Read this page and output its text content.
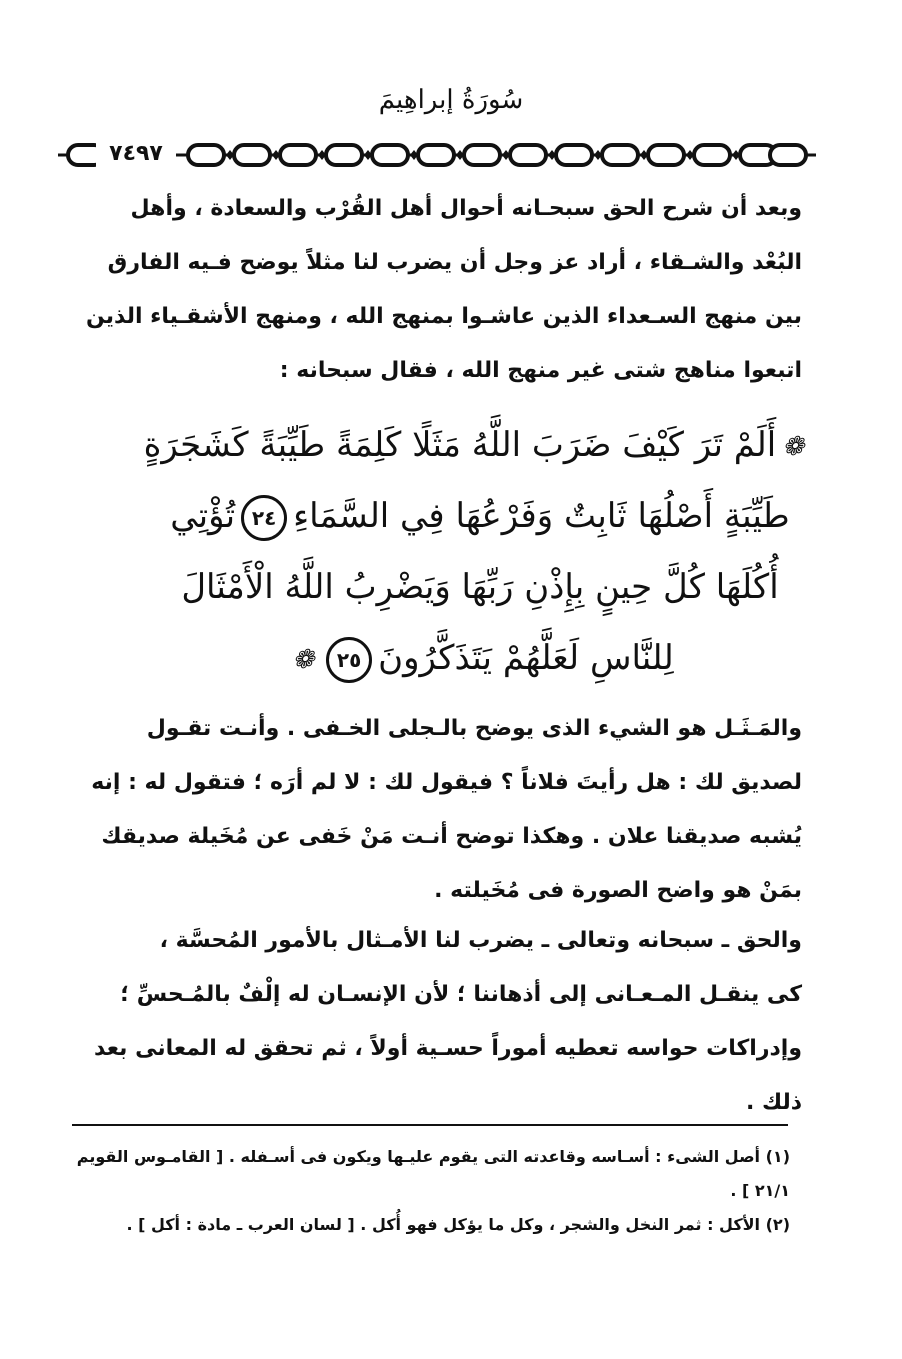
سُورَةُ إبراهِيمَ
٧٤٩٧
وبعد أن شرح الحق سبحـانه أحوال أهل القُرْب والسعادة ، وأهل
البُعْد والشـقاء ، أراد عز وجل أن يضرب لنا مثلاً يوضح فـيه الفارق
بين منهج السـعداء الذين عاشـوا بمنهج الله ، ومنهج الأشقـياء الذين
اتبعوا مناهج شتى غير منهج الله ، فقال سبحانه :
❁أَلَمْ تَرَ كَيْفَ ضَرَبَ اللَّهُ مَثَلًا كَلِمَةً طَيِّبَةً كَشَجَرَةٍ
طَيِّبَةٍ أَصْلُهَا ثَابِتٌ وَفَرْعُهَا فِي السَّمَاءِ٢٤تُؤْتِي
أُكُلَهَا كُلَّ حِينٍ بِإِذْنِ رَبِّهَا وَيَضْرِبُ اللَّهُ الْأَمْثَالَ
لِلنَّاسِ لَعَلَّهُمْ يَتَذَكَّرُونَ٢٥❁
والمَـثَـل هو الشيء الذى يوضح بالـجلى الخـفى . وأنـت تقـول
لصديق لك : هل رأيتَ فلاناً ؟ فيقول لك : لا لم أرَه ؛ فتقول له : إنه
يُشبه صديقنا علان . وهكذا توضح أنـت مَنْ خَفى عن مُخَيلة صديقك
بمَنْ هو واضح الصورة فى مُخَيلته .
والحق ـ سبحانه وتعالى ـ يضرب لنا الأمـثال بالأمور المُحسَّة ،
كى ينقـل المـعـانى إلى أذهاننا ؛ لأن الإنسـان له إلْفٌ بالمُـحسِّ ؛
وإدراكات حواسه تعطيه أموراً حسـية أولاً ، ثم تحقق له المعانى بعد
ذلك .
(١) أصل الشىء : أسـاسه وقاعدته التى يقوم عليـها ويكون فى أسـفله . [ القامـوس القويم
٢١/١ ] .
(٢) الأكل : ثمر النخل والشجر ، وكل ما يؤكل فهو أُكل . [ لسان العرب ـ مادة : أكل ] .
